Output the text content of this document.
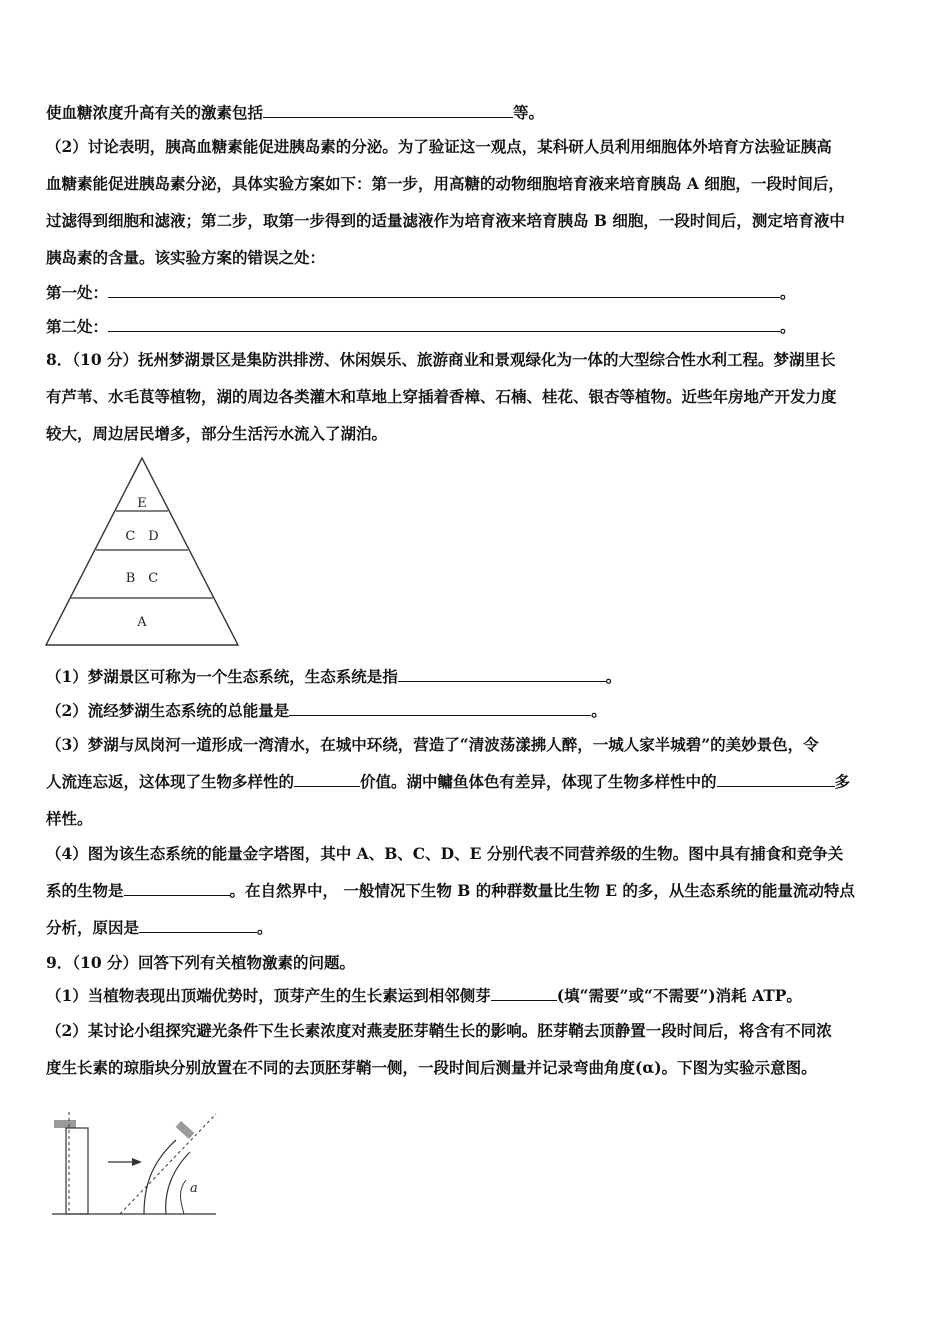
使血糖浓度升高有关的激素包括	等。
（2）讨论表明，胰高血糖素能促进胰岛素的分泌。为了验证这一观点，某科研人员利用细胞体外培育方法验证胰高
血糖素能促进胰岛素分泌，具体实验方案如下：第一步，用高糖的动物细胞培育液来培育胰岛 A 细胞，一段时间后，
过滤得到细胞和滤液；第二步，取第一步得到的适量滤液作为培育液来培育胰岛 B 细胞，一段时间后，测定培育液中
胰岛素的含量。该实验方案的错误之处：
第一处：	。
第二处：	。
8．（10 分）抚州梦湖景区是集防洪排涝、休闲娱乐、旅游商业和景观绿化为一体的大型综合性水利工程。梦湖里长
有芦苇、水毛茛等植物，湖的周边各类灌木和草地上穿插着香樟、石楠、桂花、银杏等植物。近些年房地产开发力度
较大，周边居民增多，部分生活污水流入了湖泊。
E
C　D
B　C
A
（1）梦湖景区可称为一个生态系统，生态系统是指	。
（2）流经梦湖生态系统的总能量是	。
（3）梦湖与凤岗河一道形成一湾清水，在城中环绕，营造了“清波荡漾拂人醉，一城人家半城碧”的美妙景色，令
人流连忘返，这体现了生物多样性的	价值。湖中鳙鱼体色有差异，体现了生物多样性中的	多
样性。
（4）图为该生态系统的能量金字塔图，其中 A、B、C、D、E 分别代表不同营养级的生物。图中具有捕食和竞争关
系的生物是	。在自然界中， 一般情况下生物 B 的种群数量比生物 E 的多，从生态系统的能量流动特点
分析，原因是	。
9．（10 分）回答下列有关植物激素的问题。
（1）当植物表现出顶端优势时，顶芽产生的生长素运到相邻侧芽	(填“需要”或“不需要”)消耗 ATP。
（2）某讨论小组探究避光条件下生长素浓度对燕麦胚芽鞘生长的影响。胚芽鞘去顶静置一段时间后，将含有不同浓
度生长素的琼脂块分别放置在不同的去顶胚芽鞘一侧，一段时间后测量并记录弯曲角度(α)。下图为实验示意图。
a
